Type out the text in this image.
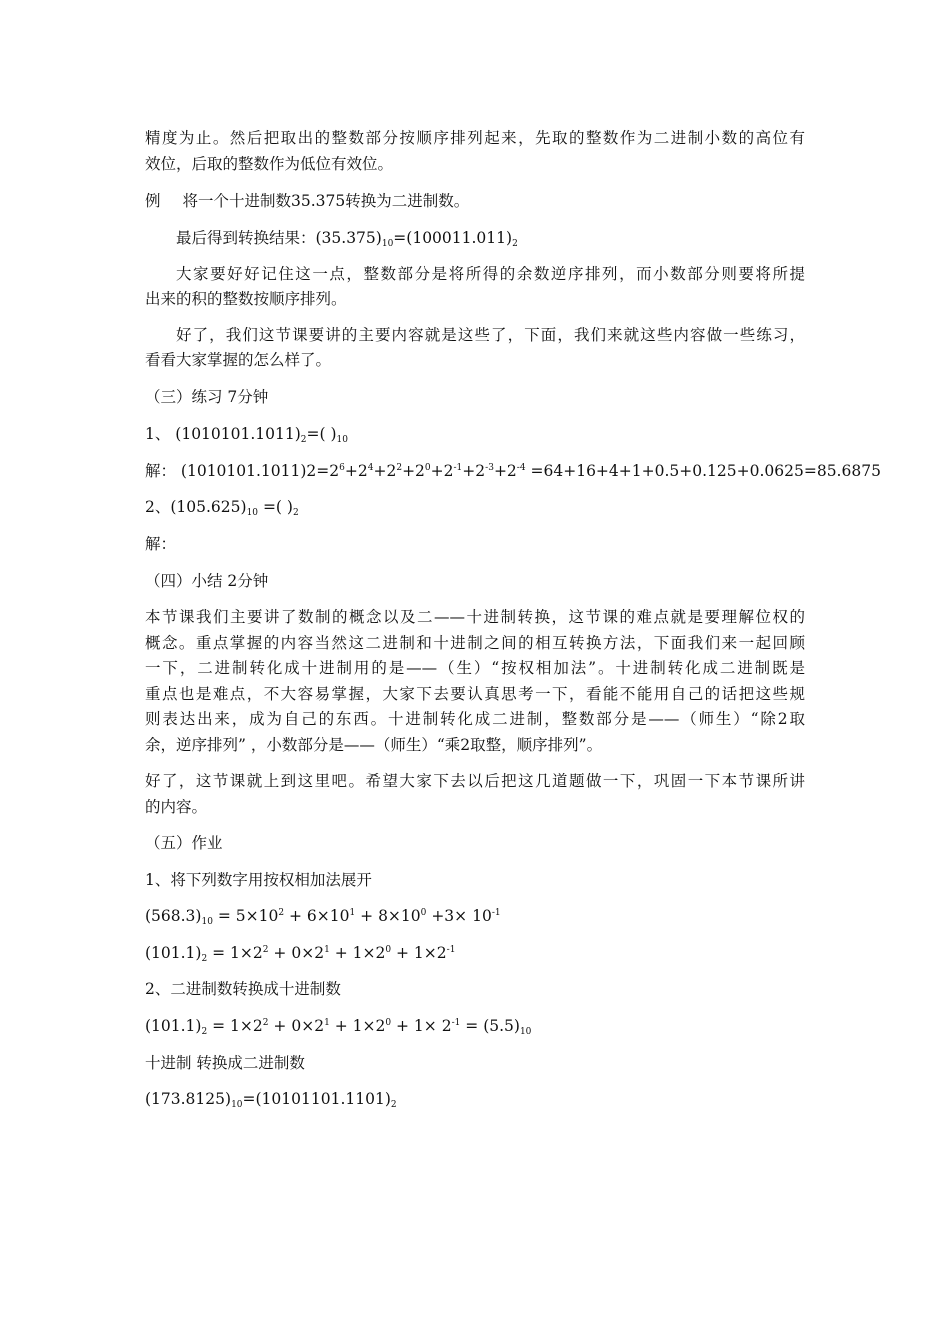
精度为止。然后把取出的整数部分按顺序排列起来，先取的整数作为二进制小数的高位有
效位，后取的整数作为低位有效位。
例 将一个十进制数35.375转换为二进制数。
最后得到转换结果：$(35.375)_{10}=(100011.011)_2$
大家要好好记住这一点，整数部分是将所得的余数逆序排列，而小数部分则要将所提
出来的积的整数按顺序排列。
好了，我们这节课要讲的主要内容就是这些了，下面，我们来就这些内容做一些练习，
看看大家掌握的怎么样了。
（三）练习 7分钟
1、 $(1010101.1011)_2=$( )$_{10}$
解： $(1010101.1011)2=2^6+2^4+2^2+2^0+2^{-1}+2^{-3}+2^{-4} =64+16+4+1+0.5+0.125+0.0625=85.6875$
2、$(105.625)_{10}$ =( )$_2$
解：
（四）小结 2分钟
本节课我们主要讲了数制的概念以及二——十进制转换，这节课的难点就是要理解位权的
概念。重点掌握的内容当然这二进制和十进制之间的相互转换方法，下面我们来一起回顾
一下，二进制转化成十进制用的是——（生）“按权相加法”。十进制转化成二进制既是
重点也是难点，不大容易掌握，大家下去要认真思考一下，看能不能用自己的话把这些规
则表达出来，成为自己的东西。十进制转化成二进制，整数部分是——（师生）“除2取
余，逆序排列” ，小数部分是——（师生）“乘2取整，顺序排列”。
好了，这节课就上到这里吧。希望大家下去以后把这几道题做一下，巩固一下本节课所讲
的内容。
（五）作业
1、将下列数字用按权相加法展开
$(568.3)_{10} = 5\times 10^2 + 6\times 10^1 + 8\times 10^0 +3\times 10^{-1}$
$(101.1)_2 = 1\times 2^2 + 0\times 2^1 + 1\times 2^0 + 1\times 2^{-1}$
2、二进制数转换成十进制数
$(101.1)_2 = 1\times 2^2 + 0\times 2^1 + 1\times 2^0 + 1\times 2^{-1} = (5.5)_{10}$
十进制 转换成二进制数
$(173.8125)_{10}=(10101101.1101)_2$
